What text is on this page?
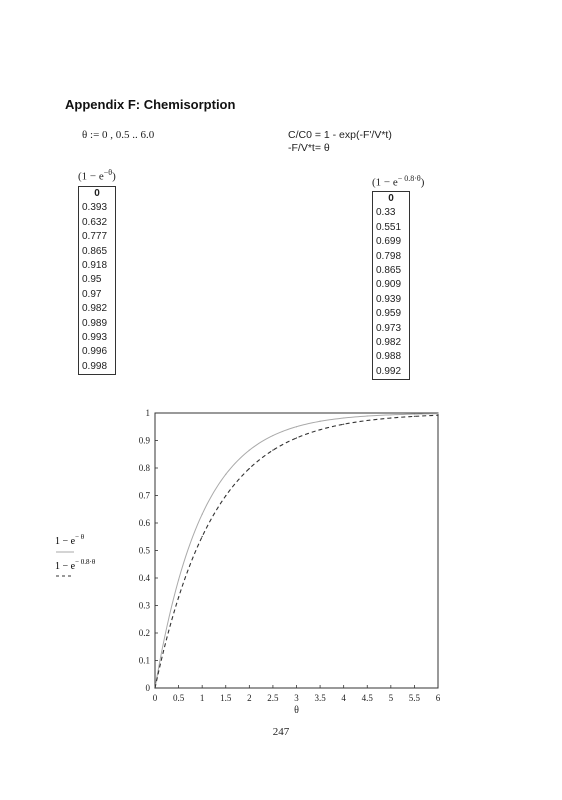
Appendix F: Chemisorption
θ := 0 , 0.5 .. 6.0	C/C0 = 1 - exp(-F'/V*t)
-F/V*t= θ
$(1 - e^{-\theta})$
0
0.393
0.632
0.777
0.865
0.918
0.95
0.97
0.982
0.989
0.993
0.996
0.998
$(1 - e^{- 0.8\cdot\theta})$
0
0.33
0.551
0.699
0.798
0.865
0.909
0.939
0.959
0.973
0.982
0.988
0.992
0 0.5 1 1.5 2 2.5 3 3.5 4 4.5 5 5.5 6
0
0.1
0.2
0.3
0.4
0.5
0.6
0.7
0.8
0.9
1
θ
$1 - e^{- \theta}$
$1 - e^{- 0.8\cdot\theta}$
247
